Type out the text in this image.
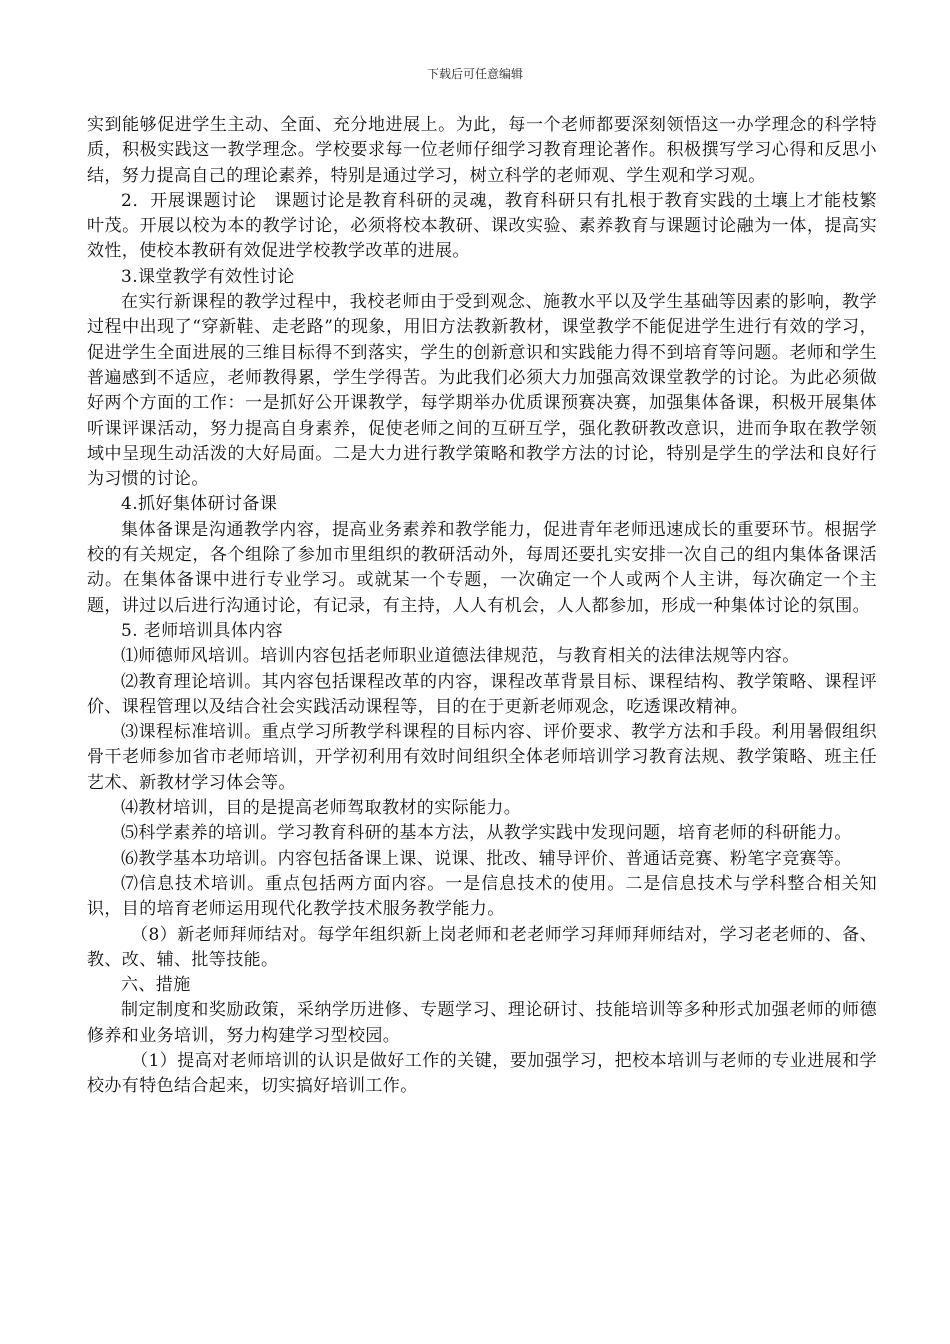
下载后可任意编辑

实到能够促进学生主动、全面、充分地进展上。为此，每一个老师都要深刻领悟这一办学理念的科学特质，积极实践这一教学理念。学校要求每一位老师仔细学习教育理论著作。积极撰写学习心得和反思小结，努力提高自己的理论素养，特别是通过学习，树立科学的老师观、学生观和学习观。

2．开展课题讨论　课题讨论是教育科研的灵魂，教育科研只有扎根于教育实践的土壤上才能枝繁叶茂。开展以校为本的教学讨论，必须将校本教研、课改实验、素养教育与课题讨论融为一体，提高实效性，使校本教研有效促进学校教学改革的进展。

3.课堂教学有效性讨论

在实行新课程的教学过程中，我校老师由于受到观念、施教水平以及学生基础等因素的影响，教学过程中出现了“穿新鞋、走老路”的现象，用旧方法教新教材，课堂教学不能促进学生进行有效的学习，促进学生全面进展的三维目标得不到落实，学生的创新意识和实践能力得不到培育等问题。老师和学生普遍感到不适应，老师教得累，学生学得苦。为此我们必须大力加强高效课堂教学的讨论。为此必须做好两个方面的工作：一是抓好公开课教学，每学期举办优质课预赛决赛，加强集体备课，积极开展集体听课评课活动，努力提高自身素养，促使老师之间的互研互学，强化教研教改意识，进而争取在教学领域中呈现生动活泼的大好局面。二是大力进行教学策略和教学方法的讨论，特别是学生的学法和良好行为习惯的讨论。

4.抓好集体研讨备课

集体备课是沟通教学内容，提高业务素养和教学能力，促进青年老师迅速成长的重要环节。根据学校的有关规定，各个组除了参加市里组织的教研活动外，每周还要扎实安排一次自己的组内集体备课活动。在集体备课中进行专业学习。或就某一个专题，一次确定一个人或两个人主讲，每次确定一个主题，讲过以后进行沟通讨论，有记录，有主持，人人有机会，人人都参加，形成一种集体讨论的氛围。

5. 老师培训具体内容

⑴师德师风培训。培训内容包括老师职业道德法律规范，与教育相关的法律法规等内容。

⑵教育理论培训。其内容包括课程改革的内容，课程改革背景目标、课程结构、教学策略、课程评价、课程管理以及结合社会实践活动课程等，目的在于更新老师观念，吃透课改精神。

⑶课程标准培训。重点学习所教学科课程的目标内容、评价要求、教学方法和手段。利用暑假组织骨干老师参加省市老师培训，开学初利用有效时间组织全体老师培训学习教育法规、教学策略、班主任艺术、新教材学习体会等。

⑷教材培训，目的是提高老师驾取教材的实际能力。

⑸科学素养的培训。学习教育科研的基本方法，从教学实践中发现问题，培育老师的科研能力。

⑹教学基本功培训。内容包括备课上课、说课、批改、辅导评价、普通话竞赛、粉笔字竞赛等。

⑺信息技术培训。重点包括两方面内容。一是信息技术的使用。二是信息技术与学科整合相关知识，目的培育老师运用现代化教学技术服务教学能力。

（8）新老师拜师结对。每学年组织新上岗老师和老老师学习拜师拜师结对，学习老老师的、备、教、改、辅、批等技能。

六、措施

制定制度和奖励政策，采纳学历进修、专题学习、理论研讨、技能培训等多种形式加强老师的师德修养和业务培训，努力构建学习型校园。

（1）提高对老师培训的认识是做好工作的关键，要加强学习，把校本培训与老师的专业进展和学校办有特色结合起来，切实搞好培训工作。
